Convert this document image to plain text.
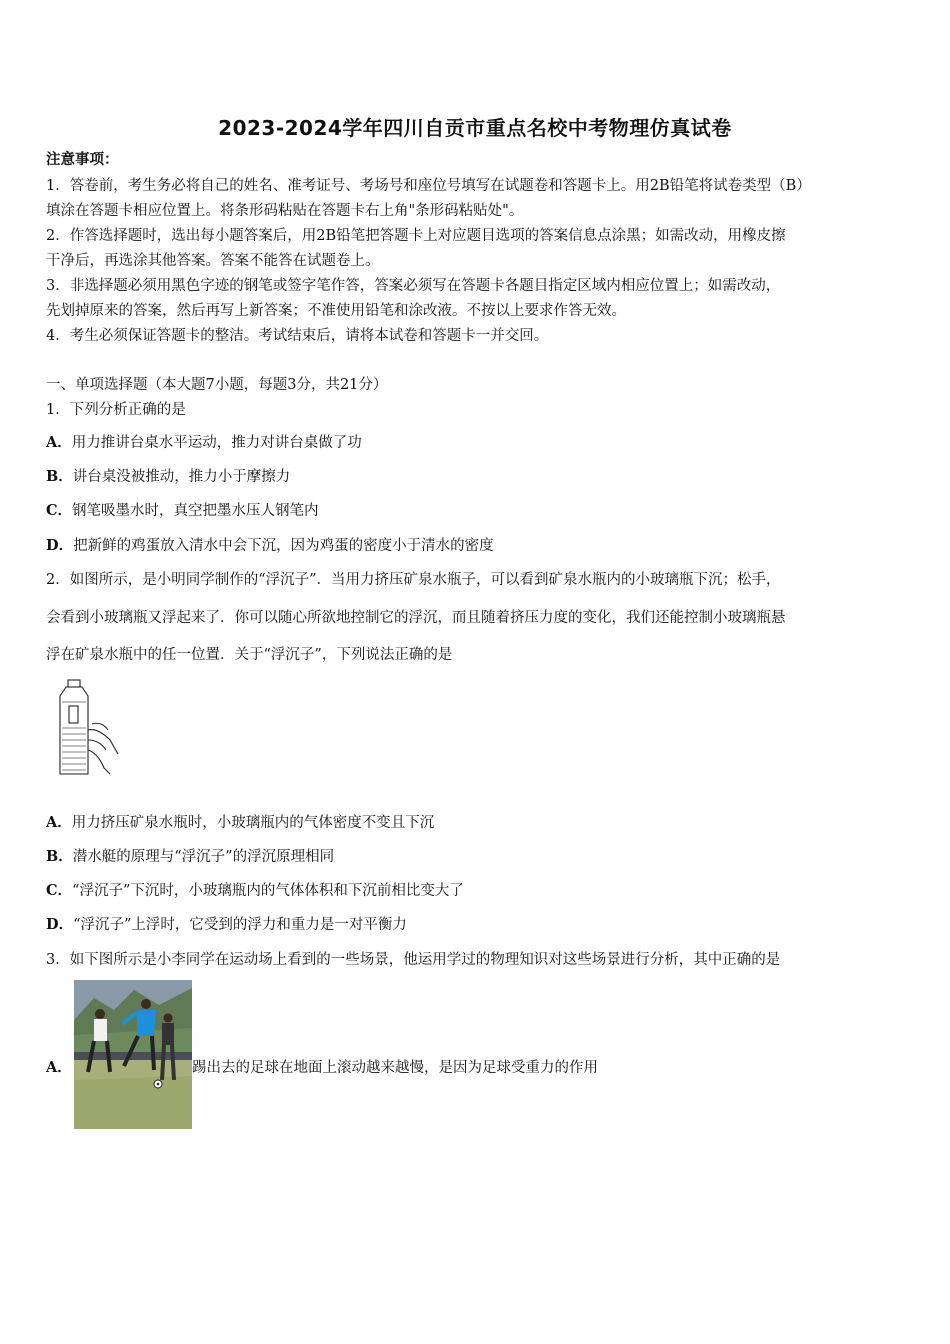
2023-2024学年四川自贡市重点名校中考物理仿真试卷
注意事项：
1．答卷前，考生务必将自己的姓名、准考证号、考场号和座位号填写在试题卷和答题卡上。用2B铅笔将试卷类型（B）
填涂在答题卡相应位置上。将条形码粘贴在答题卡右上角"条形码粘贴处"。
2．作答选择题时，选出每小题答案后，用2B铅笔把答题卡上对应题目选项的答案信息点涂黑；如需改动，用橡皮擦
干净后，再选涂其他答案。答案不能答在试题卷上。
3．非选择题必须用黑色字迹的钢笔或签字笔作答，答案必须写在答题卡各题目指定区域内相应位置上；如需改动，
先划掉原来的答案，然后再写上新答案；不准使用铅笔和涂改液。不按以上要求作答无效。
4．考生必须保证答题卡的整洁。考试结束后，请将本试卷和答题卡一并交回。
一、单项选择题（本大题7小题，每题3分，共21分）
1．下列分析正确的是
A．用力推讲台桌水平运动，推力对讲台桌做了功
B．讲台桌没被推动，推力小于摩擦力
C．钢笔吸墨水时，真空把墨水压人钢笔内
D．把新鲜的鸡蛋放入清水中会下沉，因为鸡蛋的密度小于清水的密度
2．如图所示，是小明同学制作的“浮沉子”．当用力挤压矿泉水瓶子，可以看到矿泉水瓶内的小玻璃瓶下沉；松手，
会看到小玻璃瓶又浮起来了．你可以随心所欲地控制它的浮沉，而且随着挤压力度的变化，我们还能控制小玻璃瓶悬
浮在矿泉水瓶中的任一位置．关于“浮沉子”，下列说法正确的是
A．用力挤压矿泉水瓶时，小玻璃瓶内的气体密度不变且下沉
B．潜水艇的原理与“浮沉子”的浮沉原理相同
C．“浮沉子”下沉时，小玻璃瓶内的气体体积和下沉前相比变大了
D．“浮沉子”上浮时，它受到的浮力和重力是一对平衡力
3．如下图所示是小李同学在运动场上看到的一些场景，他运用学过的物理知识对这些场景进行分析，其中正确的是
A．	踢出去的足球在地面上滚动越来越慢，是因为足球受重力的作用
